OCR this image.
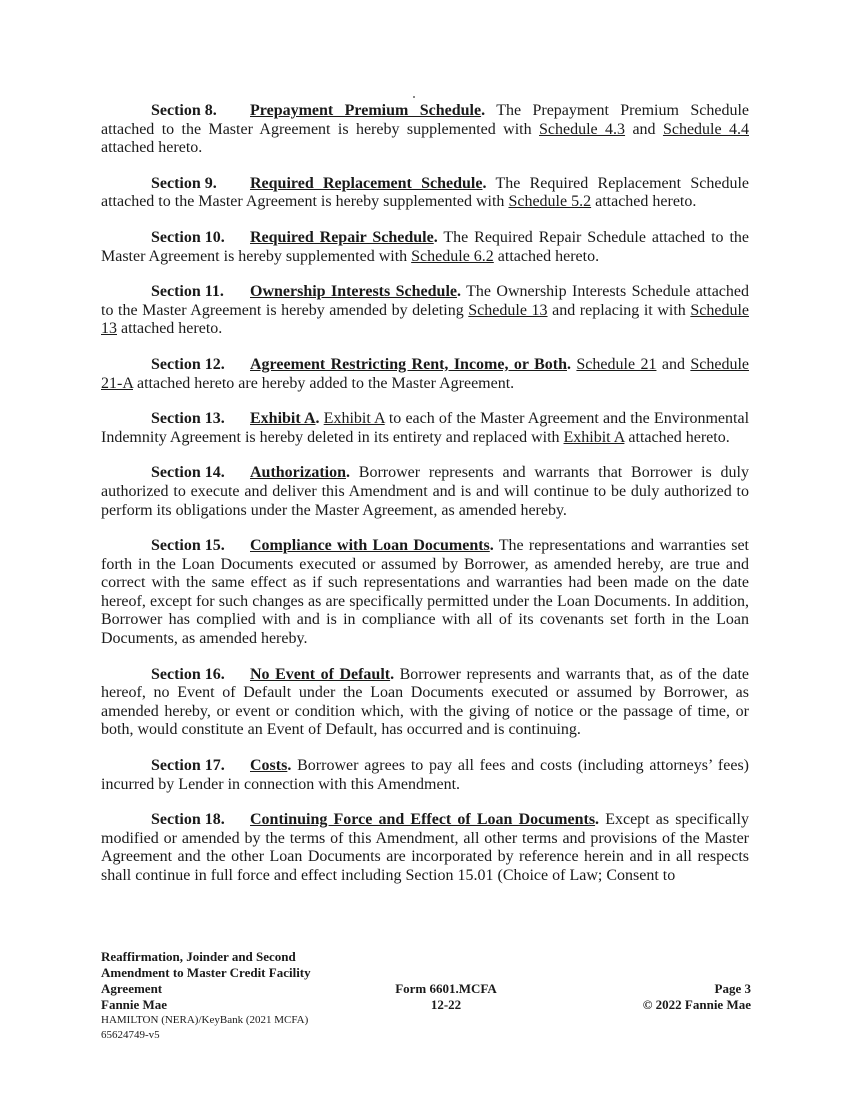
Section 8. Prepayment Premium Schedule. The Prepayment Premium Schedule attached to the Master Agreement is hereby supplemented with Schedule 4.3 and Schedule 4.4 attached hereto.

Section 9. Required Replacement Schedule. The Required Replacement Schedule attached to the Master Agreement is hereby supplemented with Schedule 5.2 attached hereto.

Section 10. Required Repair Schedule. The Required Repair Schedule attached to the Master Agreement is hereby supplemented with Schedule 6.2 attached hereto.

Section 11. Ownership Interests Schedule. The Ownership Interests Schedule attached to the Master Agreement is hereby amended by deleting Schedule 13 and replacing it with Schedule 13 attached hereto.

Section 12. Agreement Restricting Rent, Income, or Both. Schedule 21 and Schedule 21-A attached hereto are hereby added to the Master Agreement.

Section 13. Exhibit A. Exhibit A to each of the Master Agreement and the Environmental Indemnity Agreement is hereby deleted in its entirety and replaced with Exhibit A attached hereto.

Section 14. Authorization. Borrower represents and warrants that Borrower is duly authorized to execute and deliver this Amendment and is and will continue to be duly authorized to perform its obligations under the Master Agreement, as amended hereby.

Section 15. Compliance with Loan Documents. The representations and warranties set forth in the Loan Documents executed or assumed by Borrower, as amended hereby, are true and correct with the same effect as if such representations and warranties had been made on the date hereof, except for such changes as are specifically permitted under the Loan Documents. In addition, Borrower has complied with and is in compliance with all of its covenants set forth in the Loan Documents, as amended hereby.

Section 16. No Event of Default. Borrower represents and warrants that, as of the date hereof, no Event of Default under the Loan Documents executed or assumed by Borrower, as amended hereby, or event or condition which, with the giving of notice or the passage of time, or both, would constitute an Event of Default, has occurred and is continuing.

Section 17. Costs. Borrower agrees to pay all fees and costs (including attorneys’ fees) incurred by Lender in connection with this Amendment.

Section 18. Continuing Force and Effect of Loan Documents. Except as specifically modified or amended by the terms of this Amendment, all other terms and provisions of the Master Agreement and the other Loan Documents are incorporated by reference herein and in all respects shall continue in full force and effect including Section 15.01 (Choice of Law; Consent to

Reaffirmation, Joinder and Second
Amendment to Master Credit Facility
Agreement
Fannie Mae
HAMILTON (NERA)/KeyBank (2021 MCFA)
65624749-v5
Form 6601.MCFA
12-22
Page 3
© 2022 Fannie Mae
